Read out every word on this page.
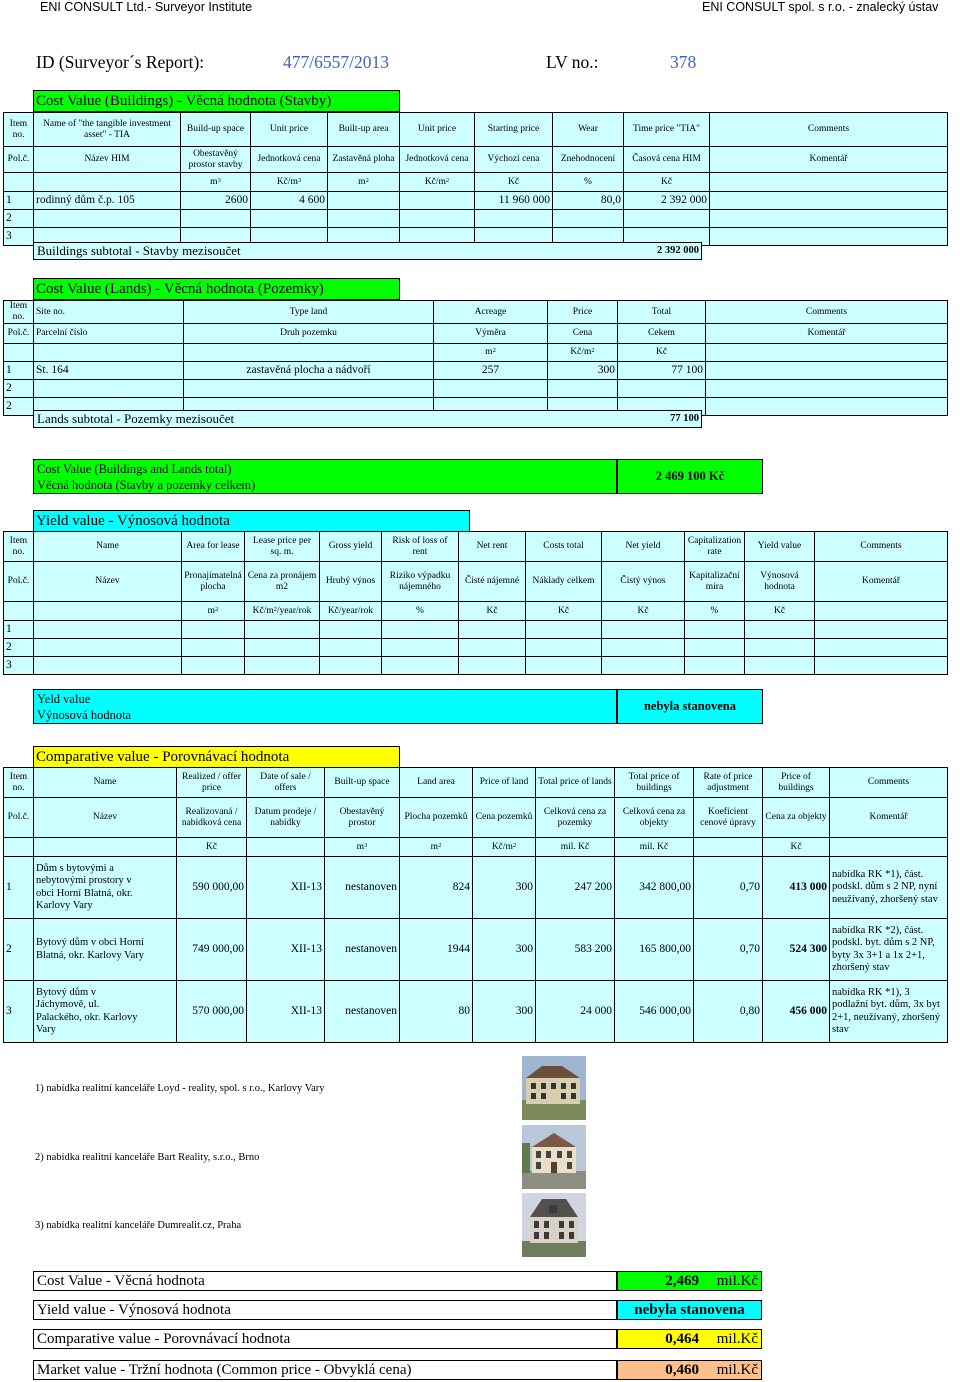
ENI CONSULT Ltd.- Surveyor Institute	ENI CONSULT spol. s r.o. - znalecký ústav
ID (Surveyor´s Report):	477/6557/2013	LV no.:	378
Cost Value (Buildings) - Věcná hodnota (Stavby)
Item no.	Name of "the tangible investment asset" - TIA	Build-up space	Unit price	Built-up area	Unit price	Starting price	Wear	Time price "TIA"	Comments
Pol.č.	Název HIM	Obestavěný prostor stavby	Jednotková cena	Zastavěná ploha	Jednotková cena	Výchozí cena	Znehodnocení	Časová cena HIM	Komentář
		$m^3$	$Kč/m^3$	$m^2$	$Kč/m^2$	Kč	%	Kč	
1	rodinný dům č.p. 105	2600	4 600			11 960 000	80,0	2 392 000	
2									
3									
Buildings subtotal - Stavby mezisoučet	2 392 000
Cost Value (Lands) - Věcná hodnota (Pozemky)
Item no.	Site no.	Type land	Acreage	Price	Total	Comments
Pol.č.	Parcelní číslo	Druh pozemku	Výměra	Cena	Cekem	Komentář
			$m^2$	$Kč/m^2$	Kč	
1	St. 164	zastavěná plocha a nádvoří	257	300	77 100	
2						
2						
Lands subtotal - Pozemky mezisoučet	77 100
Cost Value (Buildings and Lands total)
Věcná hodnota (Stavby a pozemky celkem)
2 469 100 Kč
Yield value - Výnosová hodnota
Item no.	Name	Area for lease	Lease price per sq. m.	Gross yield	Risk of loss of rent	Net rent	Costs total	Net yield	Capitalization rate	Yield value	Comments
Pol.č.	Název	Pronajímatelná plocha	Cena za pronájem m2	Hrubý výnos	Riziko výpadku nájemného	Čisté nájemné	Náklady celkem	Čistý výnos	Kapitalizační míra	Výnosová hodnota	Komentář
		$m^2$	$Kč/m^2/year$/rok	Kč/year/rok	%	Kč	Kč	Kč	%	Kč	
1											
2											
3											
Yeld value
Výnosová hodnota
nebyla stanovena
Comparative value - Porovnávací hodnota
Item no.	Name	Realized / offer price	Date of sale / offers	Built-up space	Land area	Price of land	Total price of lands	Total price of buildings	Rate of price adjustment	Price of buildings	Comments
Pol.č.	Název	Realizovaná / nabídková cena	Datum prodeje / nabídky	Obestavěný prostor	Plocha pozemků	Cena pozemků	Celková cena za pozemky	Celková cena za objekty	Koeficient cenové úpravy	Cena za objekty	Komentář
		Kč		$m^3$	$m^2$	$Kč/m^2$	mil. Kč	mil. Kč		Kč	
1	Dům s bytovými a nebytovými prostory v obci Horní Blatná, okr. Karlovy Vary	590 000,00	XII-13	nestanoven	824	300	247 200	342 800,00	0,70	413 000	nabídka RK *1), část. podskl. dům s 2 NP, nyní neužívaný, zhoršený stav
2	Bytový dům v obci Horní Blatná, okr. Karlovy Vary	749 000,00	XII-13	nestanoven	1944	300	583 200	165 800,00	0,70	524 300	nabídka RK *2), část. podskl. byt. dům s 2 NP, byty 3x 3+1 a 1x 2+1, zhoršený stav
3	Bytový dům v Jáchymově, ul. Palackého, okr. Karlovy Vary	570 000,00	XII-13	nestanoven	80	300	24 000	546 000,00	0,80	456 000	nabídka RK *1), 3 podlažní byt. dům, 3x byt 2+1, neužívaný, zhoršený stav
1) nabídka realitní kanceláře Loyd - reality, spol. s r.o., Karlovy Vary
2) nabídka realitní kanceláře Bart Reality, s.r.o., Brno
3) nabídka realitní kanceláře Dumrealit.cz, Praha
Cost Value - Věcná hodnota	2,469 mil.Kč
Yield value - Výnosová hodnota	nebyla stanovena
Comparative value - Porovnávací hodnota	0,464 mil.Kč
Market value - Tržní hodnota (Common price - Obvyklá cena)	0,460 mil.Kč
